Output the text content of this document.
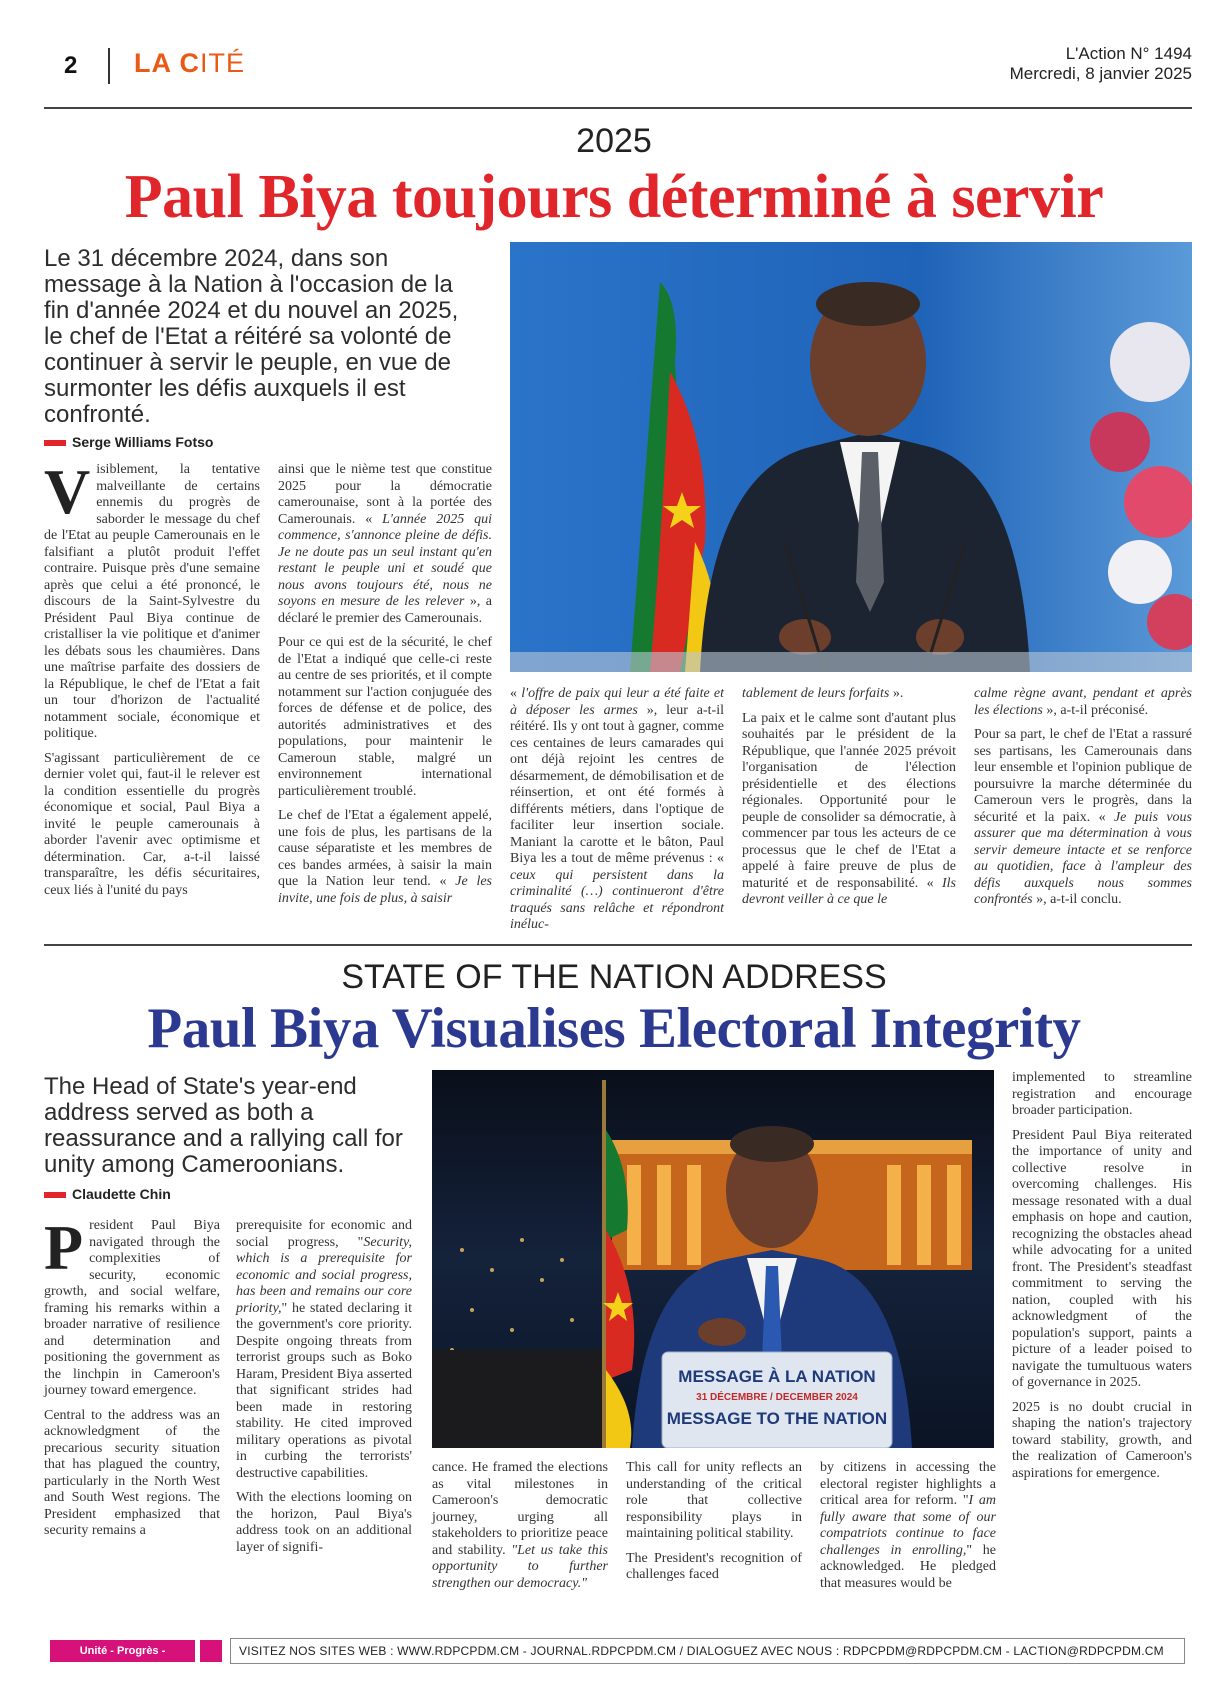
2 LA CITÉ	L'Action N° 1494
Mercredi, 8 janvier 2025
2025
Paul Biya toujours déterminé à servir
Le 31 décembre 2024, dans son message à la Nation à l'occasion de la fin d'année 2024 et du nouvel an 2025, le chef de l'Etat a réitéré sa volonté de continuer à servir le peuple, en vue de surmonter les défis auxquels il est confronté.
Serge Williams Fotso

Visiblement, la tentative malveillante de certains ennemis du progrès de saborder le message du chef de l'Etat au peuple Camerounais en le falsifiant a plutôt produit l'effet contraire. Puisque près d'une semaine après que celui a été prononcé, le discours de la Saint-Sylvestre du Président Paul Biya continue de cristalliser la vie politique et d'animer les débats sous les chaumières. Dans une maîtrise parfaite des dossiers de la République, le chef de l'Etat a fait un tour d'horizon de l'actualité notamment sociale, économique et politique.

S'agissant particulièrement de ce dernier volet qui, faut-il le relever est la condition essentielle du progrès économique et social, Paul Biya a invité le peuple camerounais à aborder l'avenir avec optimisme et détermination. Car, a-t-il laissé transparaître, les défis sécuritaires, ceux liés à l'unité du pays

ainsi que le nième test que constitue 2025 pour la démocratie camerounaise, sont à la portée des Camerounais. « L'année 2025 qui commence, s'annonce pleine de défis. Je ne doute pas un seul instant qu'en restant le peuple uni et soudé que nous avons toujours été, nous ne soyons en mesure de les relever », a déclaré le premier des Camerounais.

Pour ce qui est de la sécurité, le chef de l'Etat a indiqué que celle-ci reste au centre de ses priorités, et il compte notamment sur l'action conjuguée des forces de défense et de police, des autorités administratives et des populations, pour maintenir le Cameroun stable, malgré un environnement international particulièrement troublé.

Le chef de l'Etat a également appelé, une fois de plus, les partisans de la cause séparatiste et les membres de ces bandes armées, à saisir la main que la Nation leur tend. « Je les invite, une fois de plus, à saisir

« l'offre de paix qui leur a été faite et à déposer les armes », leur a-t-il réitéré. Ils y ont tout à gagner, comme ces centaines de leurs camarades qui ont déjà rejoint les centres de désarmement, de démobilisation et de réinsertion, et ont été formés à différents métiers, dans l'optique de faciliter leur insertion sociale. Maniant la carotte et le bâton, Paul Biya les a tout de même prévenus : « ceux qui persistent dans la criminalité (…) continueront d'être traqués sans relâche et répondront inéluc-

tablement de leurs forfaits ».

La paix et le calme sont d'autant plus souhaités par le président de la République, que l'année 2025 prévoit l'organisation de l'élection présidentielle et des élections régionales. Opportunité pour le peuple de consolider sa démocratie, à commencer par tous les acteurs de ce processus que le chef de l'Etat a appelé à faire preuve de plus de maturité et de responsabilité. « Ils devront veiller à ce que le

calme règne avant, pendant et après les élections », a-t-il préconisé.

Pour sa part, le chef de l'Etat a rassuré ses partisans, les Camerounais dans leur ensemble et l'opinion publique de poursuivre la marche déterminée du Cameroun vers le progrès, dans la sécurité et la paix. « Je puis vous assurer que ma détermination à vous servir demeure intacte et se renforce au quotidien, face à l'ampleur des défis auxquels nous sommes confrontés », a-t-il conclu.

STATE OF THE NATION ADDRESS
Paul Biya Visualises Electoral Integrity
The Head of State's year-end address served as both a reassurance and a rallying call for unity among Cameroonians.
Claudette Chin
MESSAGE À LA NATION
31 DÉCEMBRE / DECEMBER 2024
MESSAGE TO THE NATION

President Paul Biya navigated through the complexities of security, economic growth, and social welfare, framing his remarks within a broader narrative of resilience and determination and positioning the government as the linchpin in Cameroon's journey toward emergence.

Central to the address was an acknowledgment of the precarious security situation that has plagued the country, particularly in the North West and South West regions. The President emphasized that security remains a

prerequisite for economic and social progress, "Security, which is a prerequisite for economic and social progress, has been and remains our core priority," he stated declaring it the government's core priority. Despite ongoing threats from terrorist groups such as Boko Haram, President Biya asserted that significant strides had been made in restoring stability. He cited improved military operations as pivotal in curbing the terrorists' destructive capabilities.

With the elections looming on the horizon, Paul Biya's address took on an additional layer of signifi-

cance. He framed the elections as vital milestones in Cameroon's democratic journey, urging all stakeholders to prioritize peace and stability. "Let us take this opportunity to further strengthen our democracy."

This call for unity reflects an understanding of the critical role that collective responsibility plays in maintaining political stability.

The President's recognition of challenges faced

by citizens in accessing the electoral register highlights a critical area for reform. "I am fully aware that some of our compatriots continue to face challenges in enrolling," he acknowledged. He pledged that measures would be

implemented to streamline registration and encourage broader participation.

President Paul Biya reiterated the importance of unity and collective resolve in overcoming challenges. His message resonated with a dual emphasis on hope and caution, recognizing the obstacles ahead while advocating for a united front. The President's steadfast commitment to serving the nation, coupled with his acknowledgment of the population's support, paints a picture of a leader poised to navigate the tumultuous waters of governance in 2025.

2025 is no doubt crucial in shaping the nation's trajectory toward stability, growth, and the realization of Cameroon's aspirations for emergence.

Unité - Progrès - Démocratie
VISITEZ NOS SITES WEB : WWW.RDPCPDM.CM - JOURNAL.RDPCPDM.CM / DIALOGUEZ AVEC NOUS : RDPCPDM@RDPCPDM.CM - LACTION@RDPCPDM.CM
